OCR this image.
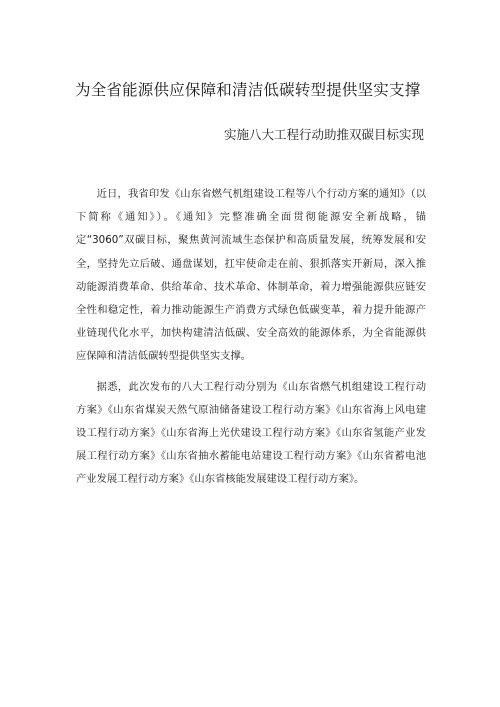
为全省能源供应保障和清洁低碳转型提供坚实支撑
实施八大工程行动助推双碳目标实现

近日，我省印发《山东省燃气机组建设工程等八个行动方案的通知》（以下简称《通知》）。《通知》完整准确全面贯彻能源安全新战略，锚定“3060”双碳目标，聚焦黄河流域生态保护和高质量发展，统筹发展和安全，坚持先立后破、通盘谋划，扛牢使命走在前、狠抓落实开新局，深入推动能源消费革命、供给革命、技术革命、体制革命，着力增强能源供应链安全性和稳定性，着力推动能源生产消费方式绿色低碳变革，着力提升能源产业链现代化水平，加快构建清洁低碳、安全高效的能源体系，为全省能源供应保障和清洁低碳转型提供坚实支撑。

据悉，此次发布的八大工程行动分别为《山东省燃气机组建设工程行动方案》《山东省煤炭天然气原油储备建设工程行动方案》《山东省海上风电建设工程行动方案》《山东省海上光伏建设工程行动方案》《山东省氢能产业发展工程行动方案》《山东省抽水蓄能电站建设工程行动方案》《山东省蓄电池产业发展工程行动方案》《山东省核能发展建设工程行动方案》。
